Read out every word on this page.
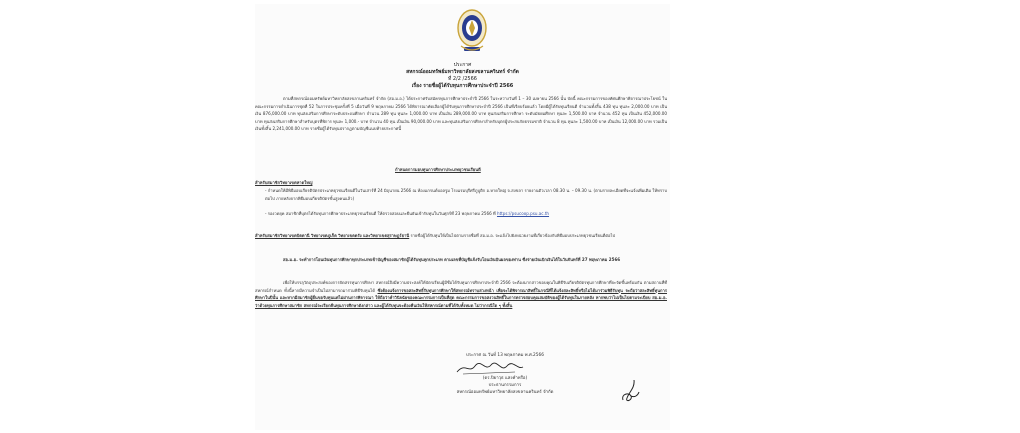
ประกาศ
สหกรณ์ออมทรัพย์มหาวิทยาลัยสงขลานครินทร์ จำกัด
ที่ 2/2 /2566
เรื่อง รายชื่อผู้ได้รับทุนการศึกษาประจำปี 2566
ตามที่สหกรณ์ออมทรัพย์มหาวิทยาลัยสงขลานครินทร์ จำกัด (สอ.ม.อ.) ได้ประกาศรับสมัครทุนการศึกษาประจำปี 2566 ในระหว่างวันที่ 1 – 30 เมษายน 2566 นั้น บัดนี้ คณะกรรมการของทัศนศึกษาพิจารณาประโยชน์ ในคณะกรรมการดำเนินการชุดที่ 52 ในการประชุมครั้งที่ 5 เมื่อวันที่ 9 พฤษภาคม 2566 ได้พิจารณาคัดเลือกผู้ได้รับทุนการศึกษาประจำปี 2566 เป็นที่เรียบร้อยแล้ว โดยมีผู้ได้รับทุนเรียนดี จำนวนทั้งสิ้น 438 ทุน ทุนละ 2,000.00 บาท เป็นเงิน 876,000.00 บาท ทุนส่งเสริมการศึกษาระดับประถมศึกษา จำนวน 289 ทุน ทุนละ 1,000.00 บาท เป็นเงิน 289,000.00 บาท ทุนส่งเสริมการศึกษา ระดับมัธยมศึกษา ทุนละ 1,500.00 บาท จำนวน 452 ทุน เป็นเงิน 452,000.00 บาท ทุนส่งเสริมการศึกษาสำหรับบุตรที่พิการ ทุนละ 1,000.- บาท จำนวน 40 ทุน เป็นเงิน 90,000.00 บาท และทุนส่งเสริมการศึกษาสำหรับบุตรผู้ประสบภัยธรรมชาติ จำนวน 8 ทุน ทุนละ 1,500.00 บาท เป็นเงิน 12,000.00 บาท รวมเป็นเงินทั้งสิ้น 2,241,000.00 บาท รายชื่อผู้ได้รับทุนปรากฏตามบัญชีแนบท้ายประกาศนี้
กำหนดการมอบทุนการศึกษาประเภทยุวชนเรียนดี
สำหรับสมาชิกวิทยาเขตหาดใหญ่
- กำหนดให้มีพิธีมอบเกียรติบัตรประเภทยุวชนเรียนดีในวันเสาร์ที่ 24 มิถุนายน 2566 ณ ห้องแกรนด์บอลรูม โรงแรมบุรีศรีภูบูติก อ.หาดใหญ่ จ.สงขลา รายงานตัวเวลา 08.30 น. – 09.30 น. (ตามรายละเอียดที่จะแจ้งเพิ่มเติม ให้ทราบต่อไป ภายหลังจากพิธีมอบเกียรติบัตรชั้นสูงคนแล้ว)
- รองวดยุค สมาชิกที่บุตรได้รับทุนการศึกษาประเภทยุวชนเรียนดี ให้ตรวจสอบและยืนยันเข้ารับทุนในวันศุกร์ที่ 23 พฤษภาคม 2566 ที่ https://psucoop.psu.ac.th
สำหรับสมาชิกวิทยาเขตปัตตานี วิทยาเขตภูเก็ต วิทยาเขตตรัง และวิทยาเขตสุราษฎร์ธานี รายชื่อผู้ได้รับทุนให้เป็นไปตามรายชื่อที่ สอ.ม.อ. จะแจ้งไปยังหน่วยงานที่เกี่ยวข้องกับพิธีมอบประเภทยุวชนเรียนดีต่อไป
สอ.ม.อ. จะทำการโอนเงินทุนการศึกษาทุกประเภทเข้าบัญชีของสมาชิกผู้ได้รับทุนทุกประเภท ตามเลขที่บัญชีแจ้งรับโอนเงินปันผลของท่าน ซึ่งจ่ายเงินเบิกเงินได้ในวันจันทร์ที่ 27 พฤษภาคม 2566
เพื่อให้บรรลุวัตถุประสงค์ของการจัดสรรทุนการศึกษา สหกรณ์จึงมีความประสงค์ให้บัตรเรียนผู้มีชื่อได้รับทุนการศึกษาประจำปี 2566 จะต้องมากล่าวขอบคุณในพิธีรับเกียรติบัตรทุนการศึกษาที่จะจัดขึ้นพร้อมกัน ตามสถานที่ที่สหกรณ์กำหนด ทั้งนี้หากมีความจำเป็นไม่สามารถมาร่วมพิธีรับทุนได้ ซึ่งต้องแจ้งการขอสละสิทธิ์รับทุนการศึกษาให้สหกรณ์ทราบล่วงหน้า เพื่อจะได้พิจารณาสิทธิ์ในกรณีที่ได้แจ้งสละสิทธิ์หรือไม่ได้มาร่วมพิธีรับทุน จะถือว่าสละสิทธิ์ทุนการศึกษาในปีนั้น และหากมีสมาชิกผู้ยื่นขอรับทุนแต่ไม่ผ่านการพิจารณา ให้ถือว่าคำวินิจฉัยของคณะกรรมการเป็นที่สุด คณะกรรมการขอสงวนสิทธิ์ในการตรวจสอบคุณสมบัติของผู้ได้รับทุนในภายหลัง หากพบว่าไม่เป็นไปตามระเบียบ สอ.ม.อ. ว่าด้วยทุนการศึกษาสมาชิก สหกรณ์จะเรียกคืนทุนการศึกษาดังกล่าว และผู้ได้รับทุนจะต้องคืนเงินให้สหกรณ์ตามที่ได้รับทั้งหมด ไม่ว่ากรณีใด ๆ ทั้งสิ้น
ประกาศ ณ วันที่ 13 พฤษภาคม พ.ศ.2566
(ดร.ปิยาวุธ แสงคำหรือ)
ประธานกรรมการ
สหกรณ์ออมทรัพย์มหาวิทยาลัยสงขลานครินทร์ จำกัด
